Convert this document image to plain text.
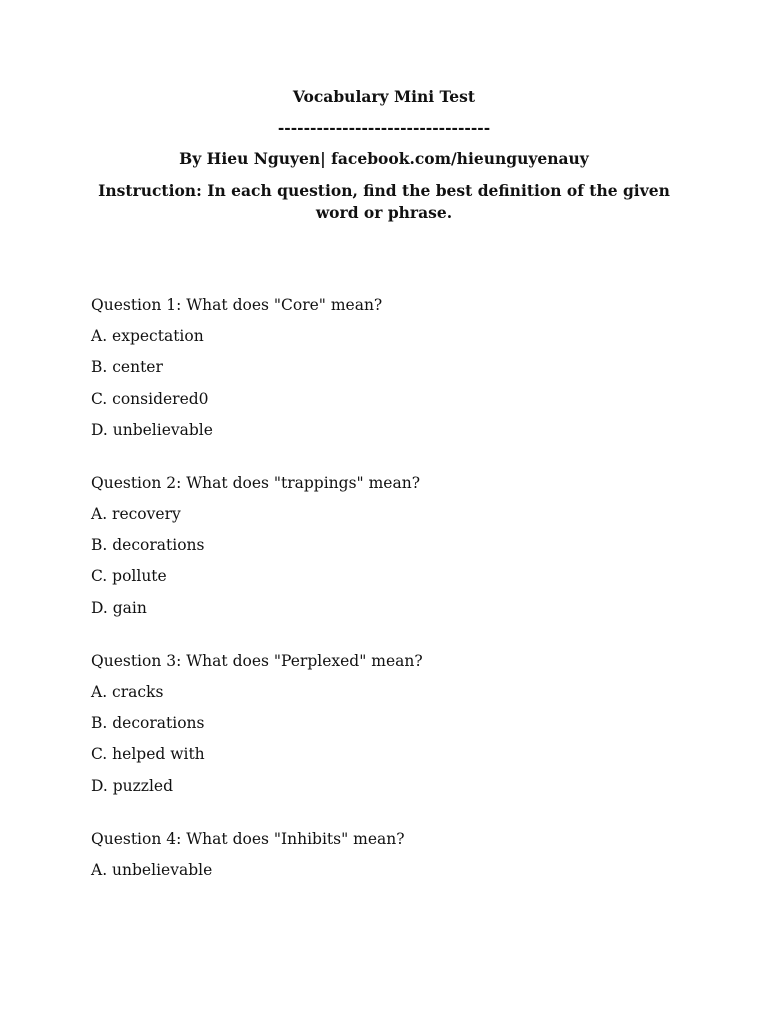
Vocabulary Mini Test
---------------------------------
By Hieu Nguyen| facebook.com/hieunguyenauy
Instruction: In each question, find the best definition of the given word or phrase.
Question 1: What does "Core" mean?
A. expectation
B. center
C. considered0
D. unbelievable
Question 2: What does "trappings" mean?
A. recovery
B. decorations
C. pollute
D. gain
Question 3: What does "Perplexed" mean?
A. cracks
B. decorations
C. helped with
D. puzzled
Question 4: What does "Inhibits" mean?
A. unbelievable
